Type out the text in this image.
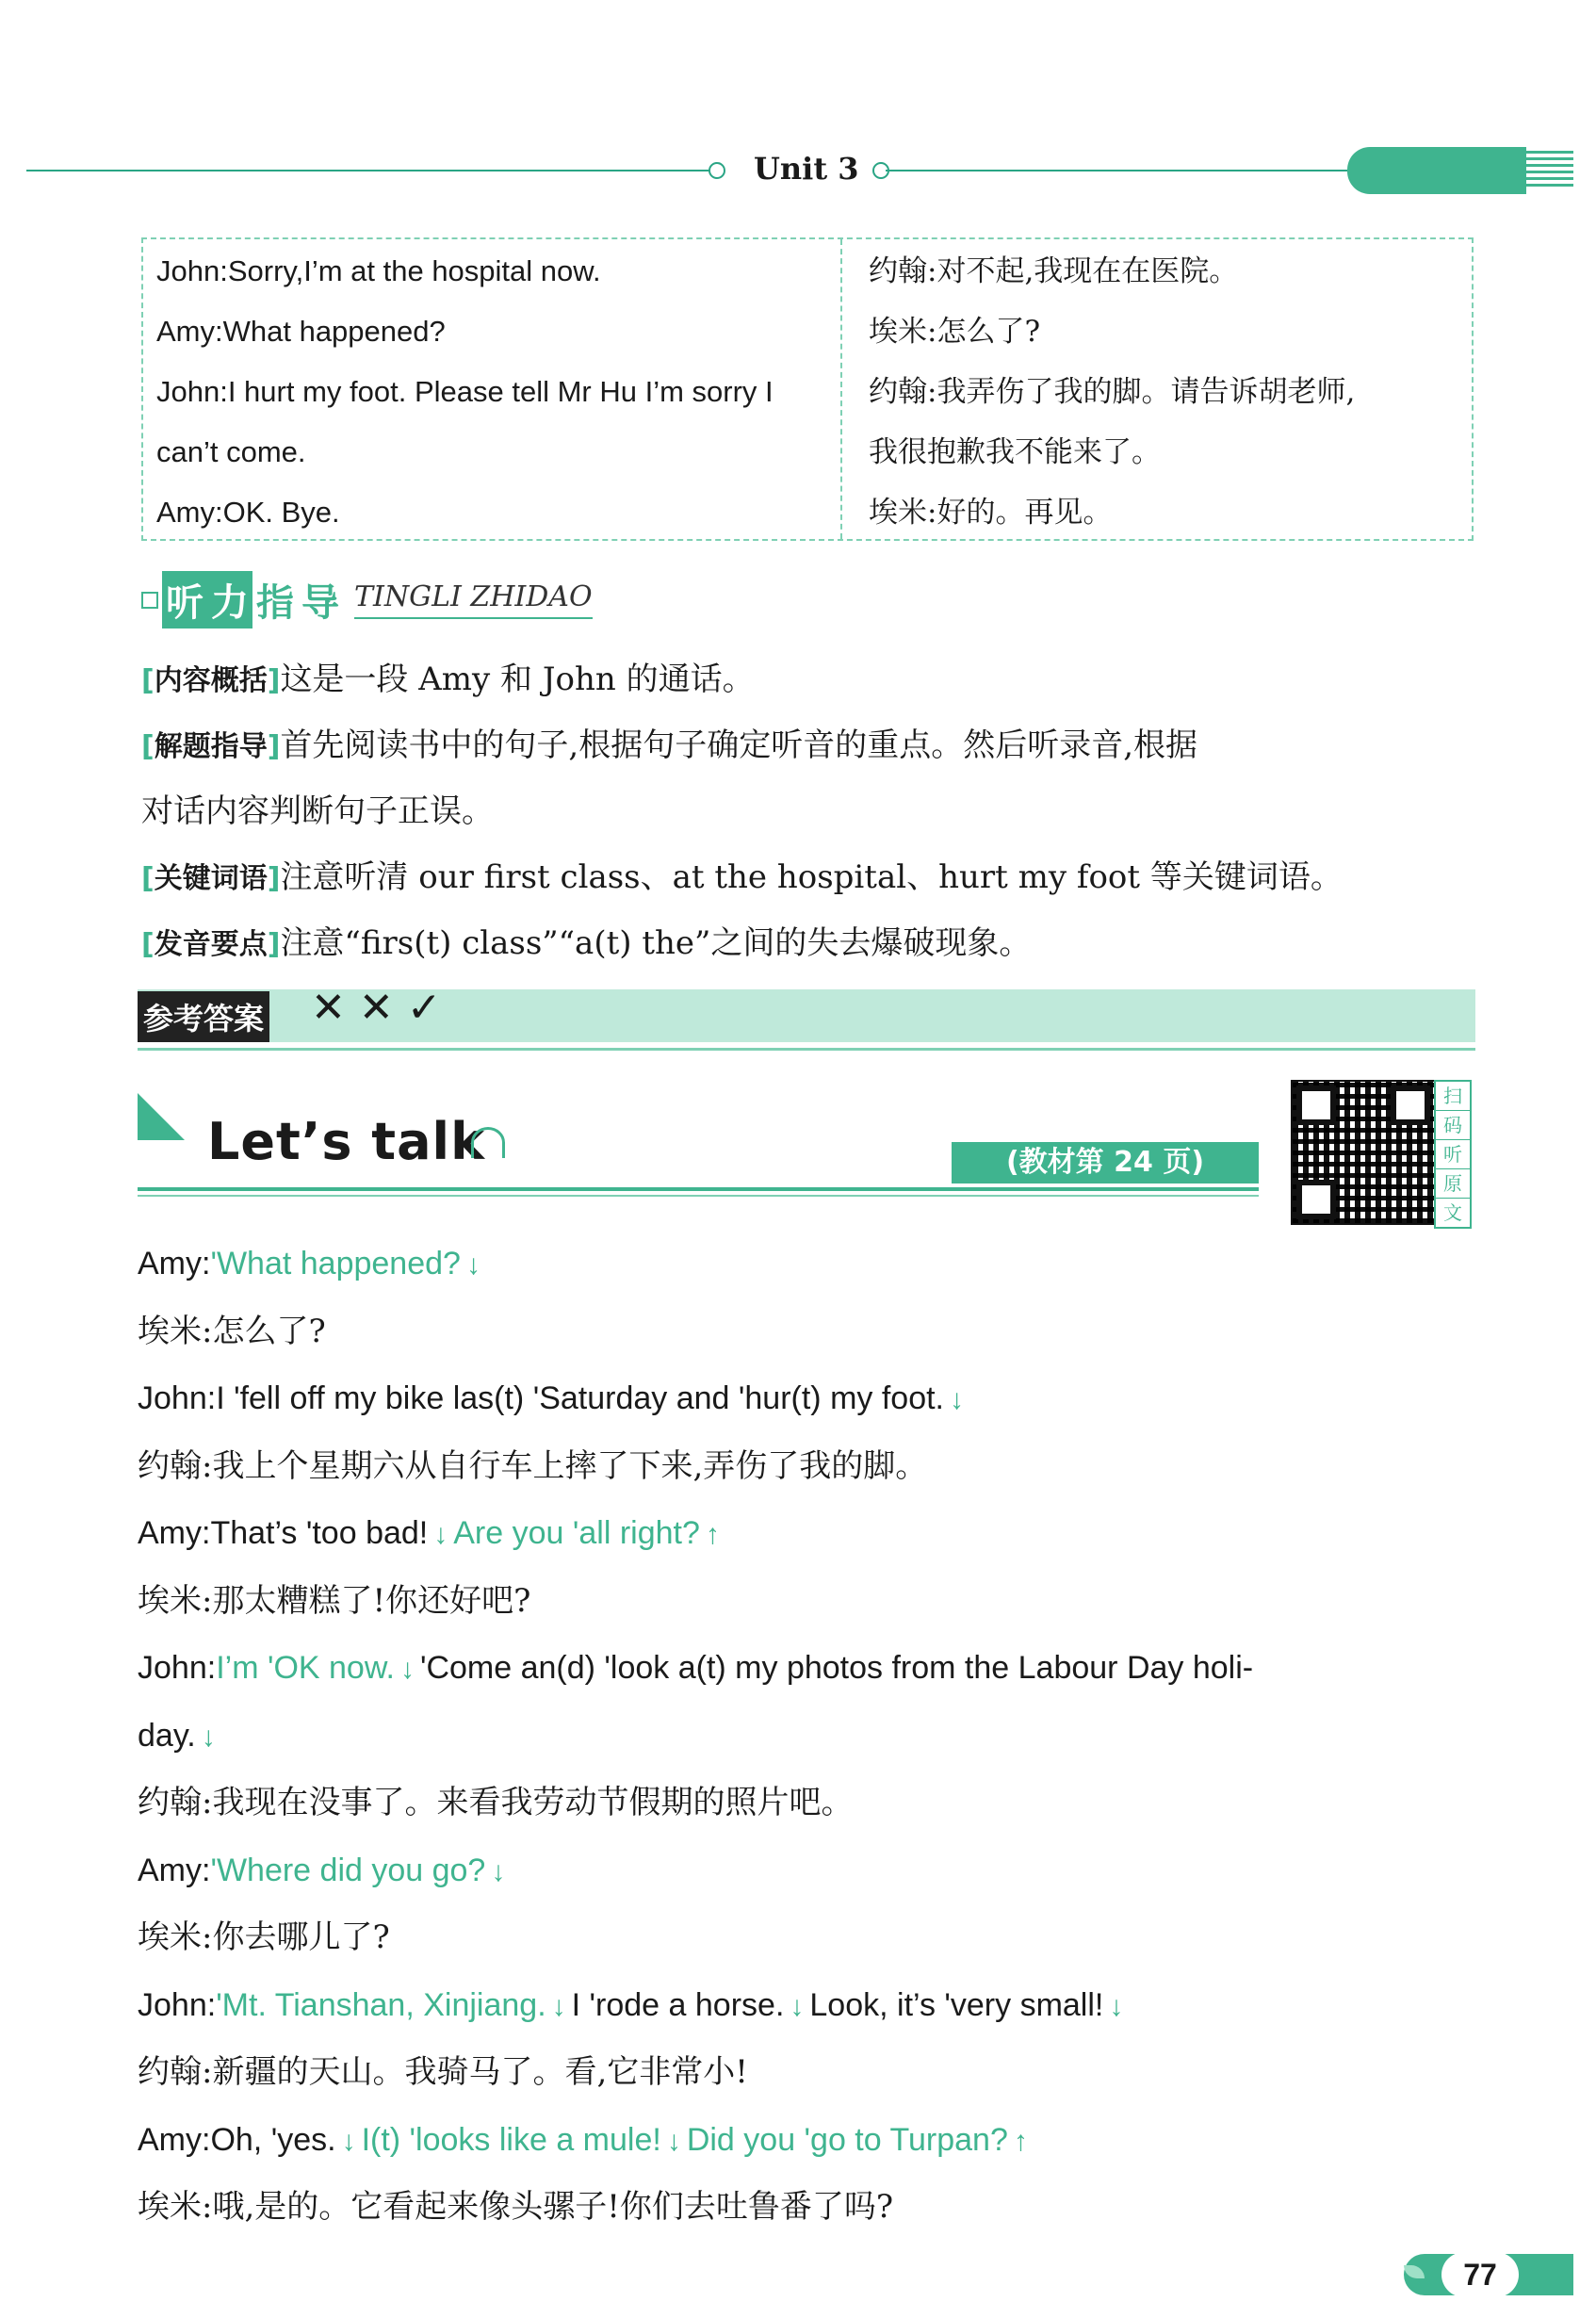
Unit 3
John:Sorry,I’m at the hospital now.
Amy:What happened?
John:I hurt my foot. Please tell Mr Hu I’m sorry I
can’t come.
Amy:OK. Bye.
约翰:对不起,我现在在医院。
埃米:怎么了?
约翰:我弄伤了我的脚。请告诉胡老师,
我很抱歉我不能来了。
埃米:好的。再见。
听 力 指 导 TINGLI ZHIDAO
[内容概括]这是一段 Amy 和 John 的通话。
[解题指导]首先阅读书中的句子,根据句子确定听音的重点。然后听录音,根据
对话内容判断句子正误。
[关键词语]注意听清 our first class、at the hospital、hurt my foot 等关键词语。
[发音要点]注意“firs(t) class”“a(t) the”之间的失去爆破现象。
参考答案 ✕ ✕ ✓
Let’s talk	(教材第 24 页)
扫
码
听
原
文
Amy:'What happened? ↓
埃米:怎么了?
John:I 'fell off my bike las(t) 'Saturday and 'hur(t) my foot. ↓
约翰:我上个星期六从自行车上摔了下来,弄伤了我的脚。
Amy:That’s 'too bad! ↓ Are you 'all right? ↑
埃米:那太糟糕了!你还好吧?
John:I’m 'OK now. ↓ 'Come an(d) 'look a(t) my photos from the Labour Day holi-
day. ↓
约翰:我现在没事了。来看我劳动节假期的照片吧。
Amy:'Where did you go? ↓
埃米:你去哪儿了?
John:'Mt. Tianshan, Xinjiang. ↓ I 'rode a horse. ↓ Look, it’s 'very small! ↓
约翰:新疆的天山。我骑马了。看,它非常小!
Amy:Oh, 'yes. ↓ I(t) 'looks like a mule! ↓ Did you 'go to Turpan? ↑
埃米:哦,是的。它看起来像头骡子!你们去吐鲁番了吗?
77
